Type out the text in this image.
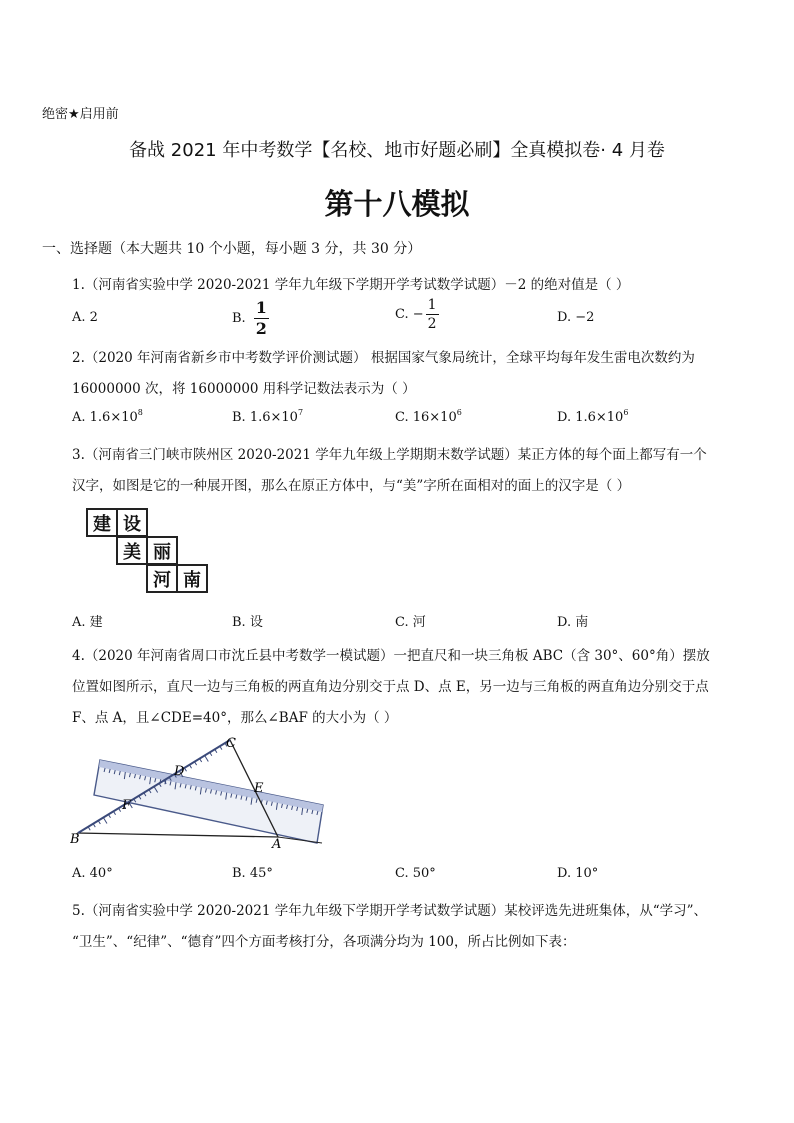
绝密★启用前
备战 2021 年中考数学【名校、地市好题必刷】全真模拟卷· 4 月卷
第十八模拟
一、选择题（本大题共 10 个小题，每小题 3 分，共 30 分）
1.（河南省实验中学 2020-2021 学年九年级下学期开学考试数学试题）－2 的绝对值是（ ）
A. 2	B. $\frac{1}{2}$	C. − $\frac{1}{2}$	D. −2
2.（2020 年河南省新乡市中考数学评价测试题） 根据国家气象局统计，全球平均每年发生雷电次数约为
16000000 次，将 16000000 用科学记数法表示为（ ）
A. $1.6\times 10^8$	B. $1.6\times 10^7$	C. $16\times 10^6$	D. $1.6\times 10^6$
3.（河南省三门峡市陕州区 2020-2021 学年九年级上学期期末数学试题）某正方体的每个面上都写有一个
汉字，如图是它的一种展开图，那么在原正方体中，与“美”字所在面相对的面上的汉字是（ ）
建 设
美 丽
河 南
A. 建	B. 设	C. 河	D. 南
4.（2020 年河南省周口市沈丘县中考数学一模试题）一把直尺和一块三角板 ABC（含 30°、60°角）摆放
位置如图所示，直尺一边与三角板的两直角边分别交于点 D、点 E，另一边与三角板的两直角边分别交于点
F、点 A，且∠CDE=40°，那么∠BAF 的大小为（ ）
C
D
E
F
B	A
A. 40°	B. 45°	C. 50°	D. 10°
5.（河南省实验中学 2020-2021 学年九年级下学期开学考试数学试题）某校评选先进班集体，从“学习”、
“卫生”、“纪律”、“德育”四个方面考核打分，各项满分均为 100，所占比例如下表：
